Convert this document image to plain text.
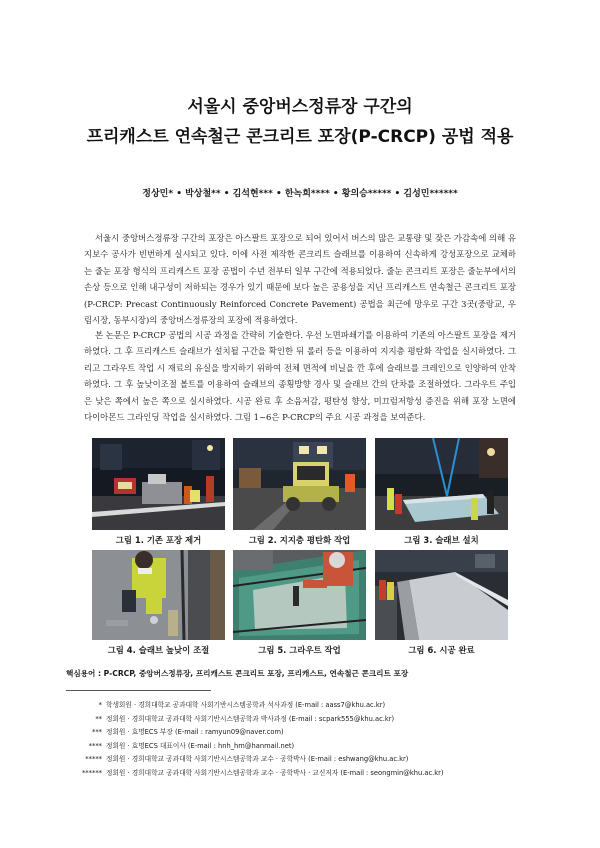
서울시 중앙버스정류장 구간의
프리캐스트 연속철근 콘크리트 포장(P-CRCP) 공법 적용
정상민* • 박상철** • 김석현*** • 한녹희**** • 황의승***** • 김성민******

서울시 중앙버스정류장 구간의 포장은 아스팔트 포장으로 되어 있어서 버스의 많은 교통량 및 잦은 가감속에 의해 유지보수 공사가 빈번하게 실시되고 있다. 이에 사전 제작한 콘크리트 슬래브를 이용하여 신속하게 강성포장으로 교체하는 줄눈 포장 형식의 프리캐스트 포장 공법이 수년 전부터 일부 구간에 적용되었다. 줄눈 콘크리트 포장은 줄눈부에서의 손상 등으로 인해 내구성이 저하되는 경우가 있기 때문에 보다 높은 공용성을 지닌 프리캐스트 연속철근 콘크리트 포장(P-CRCP: Precast Continuously Reinforced Concrete Pavement) 공법을 최근에 망우로 구간 3곳(중랑교, 우림시장, 동부시장)의 중앙버스정류장의 포장에 적용하였다.

본 논문은 P-CRCP 공법의 시공 과정을 간략히 기술한다. 우선 노면파쇄기를 이용하여 기존의 아스팔트 포장을 제거하였다. 그 후 프리캐스트 슬래브가 설치될 구간을 확인한 뒤 롤러 등을 이용하여 지지층 평탄화 작업을 실시하였다. 그리고 그라우트 작업 시 재료의 유실을 방지하기 위하여 전체 면적에 비닐을 깐 후에 슬래브를 크레인으로 인양하여 안착하였다. 그 후 높낮이조절 볼트를 이용하여 슬래브의 종횡방향 경사 및 슬래브 간의 단차를 조절하였다. 그라우트 주입은 낮은 쪽에서 높은 쪽으로 실시하였다. 시공 완료 후 소음저감, 평탄성 향상, 미끄럼저항성 증진을 위해 포장 노면에 다이아몬드 그라인딩 작업을 실시하였다. 그림 1~6은 P-CRCP의 주요 시공 과정을 보여준다.

그림 1. 기존 포장 제거	그림 2. 지지층 평탄화 작업	그림 3. 슬래브 설치
그림 4. 슬래브 높낮이 조절	그림 5. 그라우트 작업	그림 6. 시공 완료
핵심용어 : P-CRCP, 중앙버스정류장, 프리캐스트 콘크리트 포장, 프리캐스트, 연속철근 콘크리트 포장
* 학생회원 · 경희대학교 공과대학 사회기반시스템공학과 석사과정 (E-mail : aass7@khu.ac.kr)
** 정회원 · 경희대학교 공과대학 사회기반시스템공학과 박사과정 (E-mail : scpark555@khu.ac.kr)
*** 정회원 · 효명ECS 부장 (E-mail : ramyun09@naver.com)
**** 정회원 · 효명ECS 대표이사 (E-mail : hnh_hm@hanmail.net)
***** 정회원 · 경희대학교 공과대학 사회기반시스템공학과 교수 · 공학박사 (E-mail : eshwang@khu.ac.kr)
****** 정회원 · 경희대학교 공과대학 사회기반시스템공학과 교수 · 공학박사 · 교신저자 (E-mail : seongmin@khu.ac.kr)
